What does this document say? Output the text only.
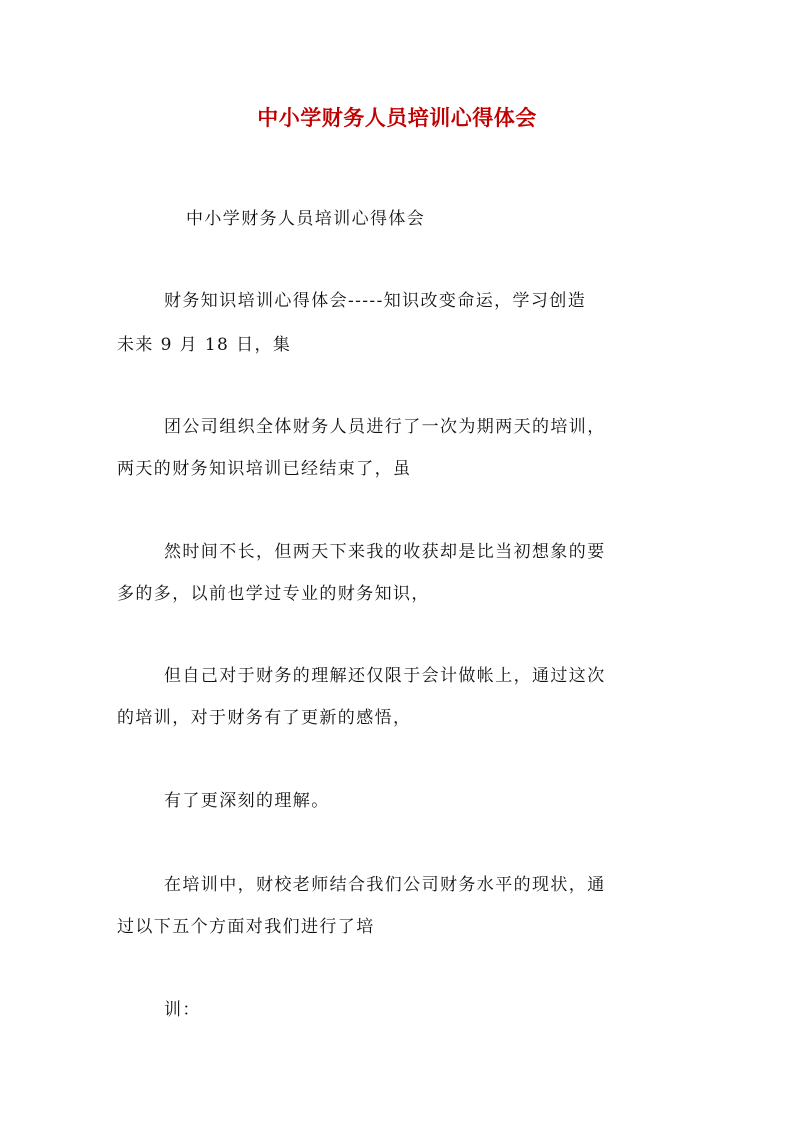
中小学财务人员培训心得体会
中小学财务人员培训心得体会
财务知识培训心得体会-----知识改变命运，学习创造
未来 9 月 18 日，集
团公司组织全体财务人员进行了一次为期两天的培训，
两天的财务知识培训已经结束了，虽
然时间不长，但两天下来我的收获却是比当初想象的要
多的多，以前也学过专业的财务知识，
但自己对于财务的理解还仅限于会计做帐上，通过这次
的培训，对于财务有了更新的感悟，
有了更深刻的理解。
在培训中，财校老师结合我们公司财务水平的现状，通
过以下五个方面对我们进行了培
训：
